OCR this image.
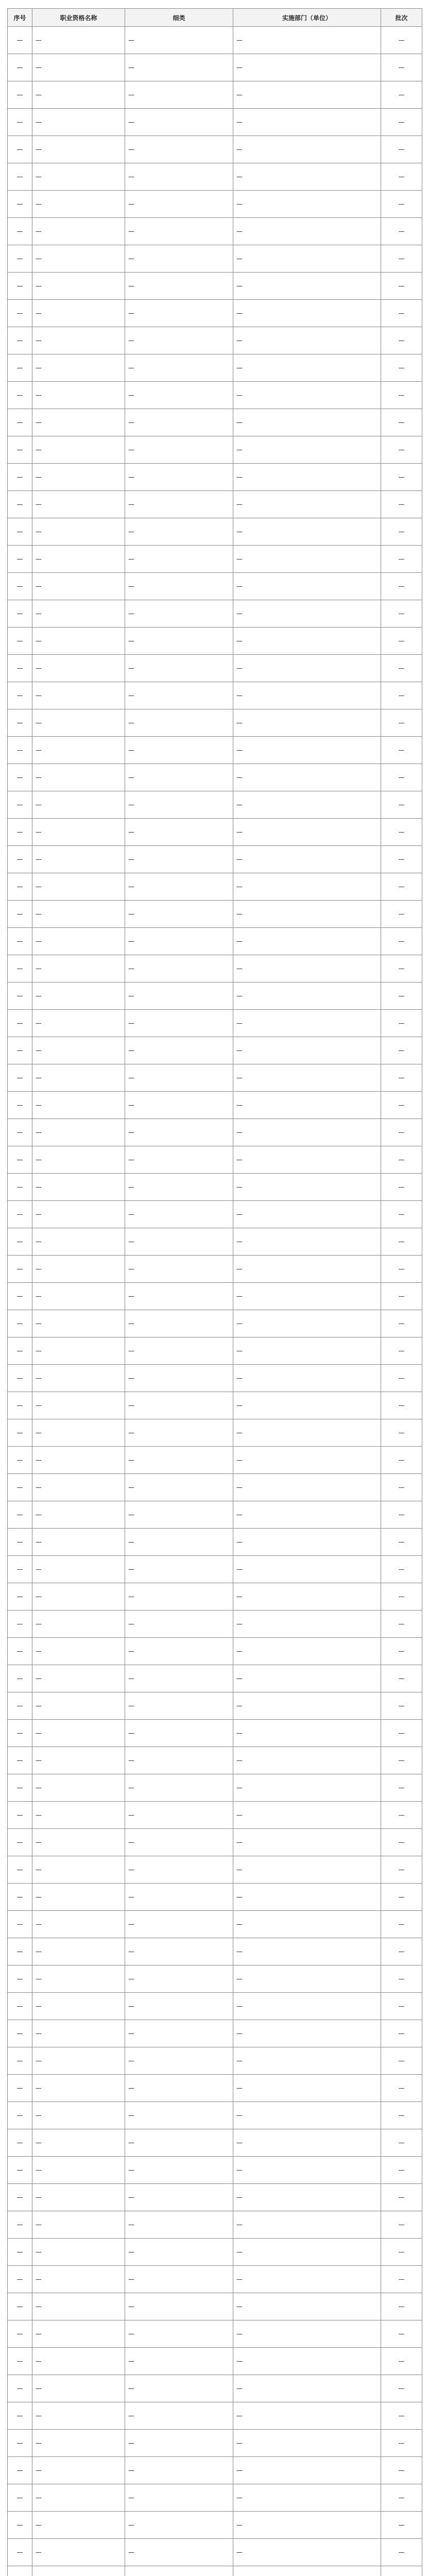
序号	职业资格名称	细类	实施部门（单位）	批次
—	—	—	—	—
—	—	—	—	—
—	—	—	—	—
—	—	—	—	—
—	—	—	—	—
—	—	—	—	—
—	—	—	—	—
—	—	—	—	—
—	—	—	—	—
—	—	—	—	—
—	—	—	—	—
—	—	—	—	—
—	—	—	—	—
—	—	—	—	—
—	—	—	—	—
—	—	—	—	—
—	—	—	—	—
—	—	—	—	—
—	—	—	—	—
—	—	—	—	—
—	—	—	—	—
—	—	—	—	—
—	—	—	—	—
—	—	—	—	—
—	—	—	—	—
—	—	—	—	—
—	—	—	—	—
—	—	—	—	—
—	—	—	—	—
—	—	—	—	—
—	—	—	—	—
—	—	—	—	—
—	—	—	—	—
—	—	—	—	—
—	—	—	—	—
—	—	—	—	—
—	—	—	—	—
—	—	—	—	—
—	—	—	—	—
—	—	—	—	—
—	—	—	—	—
—	—	—	—	—
—	—	—	—	—
—	—	—	—	—
—	—	—	—	—
—	—	—	—	—
—	—	—	—	—
—	—	—	—	—
—	—	—	—	—
—	—	—	—	—
—	—	—	—	—
—	—	—	—	—
—	—	—	—	—
—	—	—	—	—
—	—	—	—	—
—	—	—	—	—
—	—	—	—	—
—	—	—	—	—
—	—	—	—	—
—	—	—	—	—
—	—	—	—	—
—	—	—	—	—
—	—	—	—	—
—	—	—	—	—
—	—	—	—	—
—	—	—	—	—
—	—	—	—	—
—	—	—	—	—
—	—	—	—	—
—	—	—	—	—
—	—	—	—	—
—	—	—	—	—
—	—	—	—	—
—	—	—	—	—
—	—	—	—	—
—	—	—	—	—
—	—	—	—	—
—	—	—	—	—
—	—	—	—	—
—	—	—	—	—
—	—	—	—	—
—	—	—	—	—
—	—	—	—	—
—	—	—	—	—
—	—	—	—	—
—	—	—	—	—
—	—	—	—	—
—	—	—	—	—
—	—	—	—	—
—	—	—	—	—
—	—	—	—	—
—	—	—	—	—
—	—	—	—	—
